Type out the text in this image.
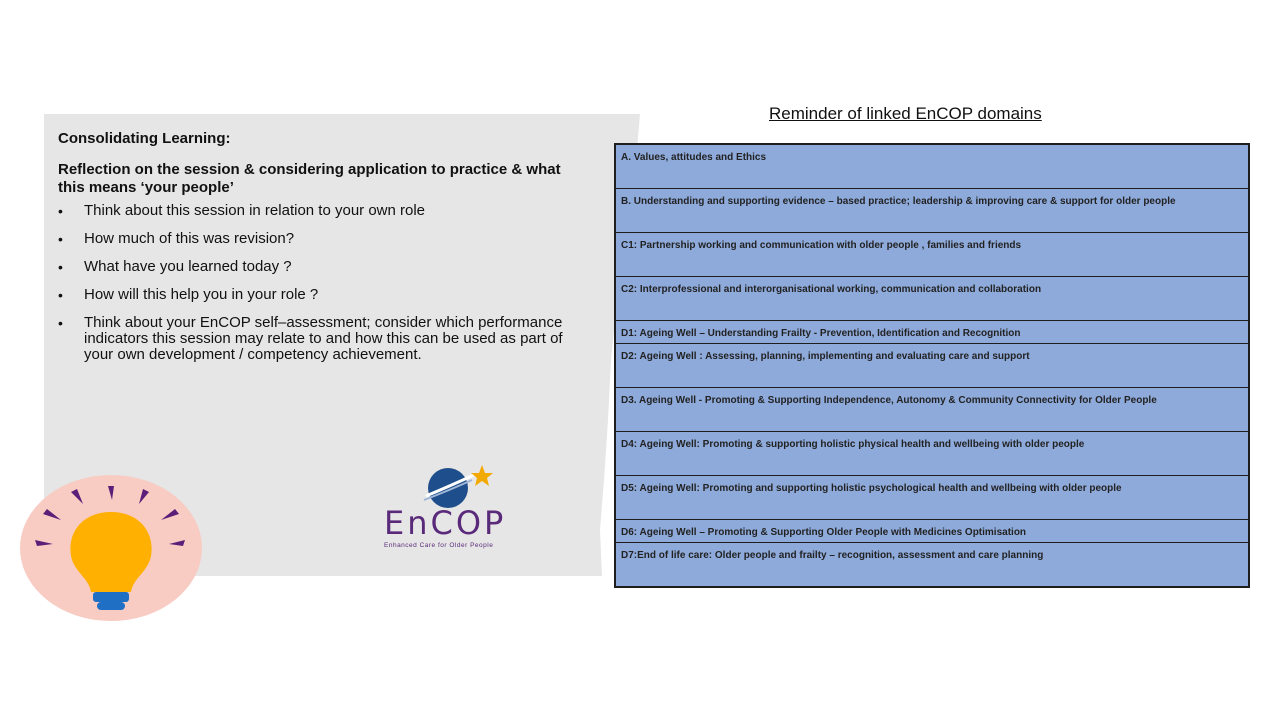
Consolidating Learning:

Reflection on the session & considering application to practice & what this means ‘your people’

• Think about this session in relation to your own role
• How much of this was revision?
• What have you learned today ?
• How will this help you in your role ?
• Think about your EnCOP self–assessment; consider which performance indicators this session may relate to and how this can be used as part of your own development / competency achievement.
EnCOP
Enhanced Care for Older People
Reminder of linked EnCOP domains
A. Values, attitudes and Ethics
B. Understanding and supporting evidence – based practice; leadership & improving care & support for older people
C1: Partnership working and communication with older people , families and friends
C2: Interprofessional and interorganisational working, communication and collaboration
D1: Ageing Well – Understanding Frailty - Prevention, Identification and Recognition
D2: Ageing Well : Assessing, planning, implementing and evaluating care and support
D3. Ageing Well - Promoting & Supporting Independence, Autonomy & Community Connectivity for Older People
D4: Ageing Well: Promoting & supporting holistic physical health and wellbeing with older people
D5: Ageing Well: Promoting and supporting holistic psychological health and wellbeing with older people
D6: Ageing Well – Promoting & Supporting Older People with Medicines Optimisation
D7:End of life care: Older people and frailty – recognition, assessment and care planning
